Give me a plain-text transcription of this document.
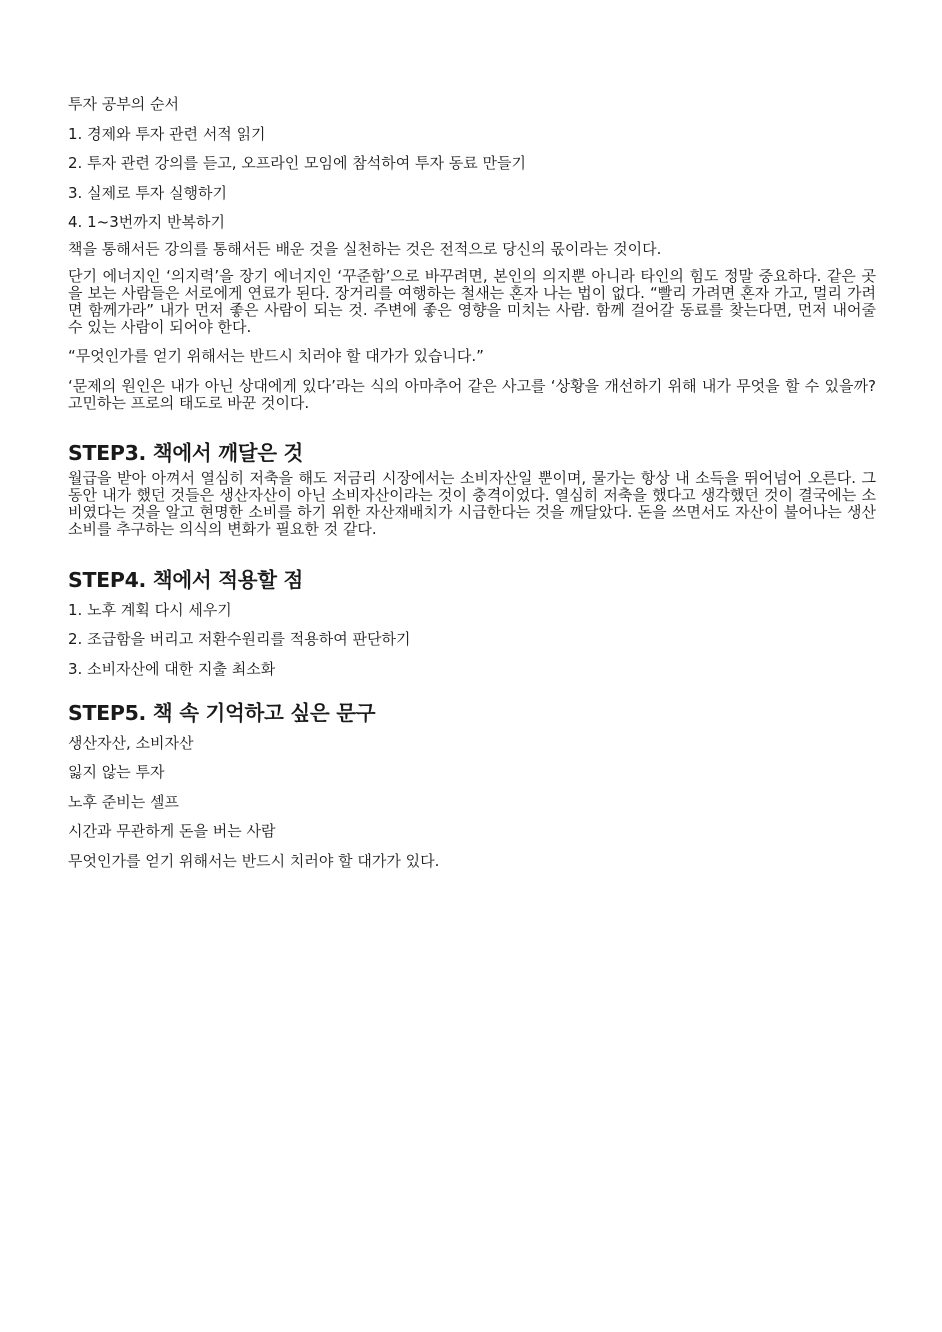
투자 공부의 순서

1. 경제와 투자 관련 서적 읽기

2. 투자 관련 강의를 듣고, 오프라인 모임에 참석하여 투자 동료 만들기

3. 실제로 투자 실행하기

4. 1~3번까지 반복하기

책을 통해서든 강의를 통해서든 배운 것을 실천하는 것은 전적으로 당신의 몫이라는 것이다.

단기 에너지인 ‘의지력’을 장기 에너지인 ‘꾸준함’으로 바꾸려면, 본인의 의지뿐 아니라 타인의 힘도 정말 중요하다. 같은 곳을 보는 사람들은 서로에게 연료가 된다. 장거리를 여행하는 철새는 혼자 나는 법이 없다. “빨리 가려면 혼자 가고, 멀리 가려면 함께가라” 내가 먼저 좋은 사람이 되는 것. 주변에 좋은 영향을 미치는 사람. 함께 걸어갈 동료를 찾는다면, 먼저 내어줄 수 있는 사람이 되어야 한다.

“무엇인가를 얻기 위해서는 반드시 치러야 할 대가가 있습니다.”

‘문제의 원인은 내가 아닌 상대에게 있다’라는 식의 아마추어 같은 사고를 ‘상황을 개선하기 위해 내가 무엇을 할 수 있을까? 고민하는 프로의 태도로 바꾼 것이다.

STEP3. 책에서 깨달은 것

월급을 받아 아껴서 열심히 저축을 해도 저금리 시장에서는 소비자산일 뿐이며, 물가는 항상 내 소득을 뛰어넘어 오른다. 그동안 내가 했던 것들은 생산자산이 아닌 소비자산이라는 것이 충격이었다. 열심히 저축을 했다고 생각했던 것이 결국에는 소비였다는 것을 알고 현명한 소비를 하기 위한 자산재배치가 시급한다는 것을 깨달았다. 돈을 쓰면서도 자산이 불어나는 생산소비를 추구하는 의식의 변화가 필요한 것 같다.

STEP4. 책에서 적용할 점

1. 노후 계획 다시 세우기

2. 조급함을 버리고 저환수원리를 적용하여 판단하기

3. 소비자산에 대한 지출 최소화

STEP5. 책 속 기억하고 싶은 문구

생산자산, 소비자산

잃지 않는 투자

노후 준비는 셀프

시간과 무관하게 돈을 버는 사람

무엇인가를 얻기 위해서는 반드시 치러야 할 대가가 있다.
